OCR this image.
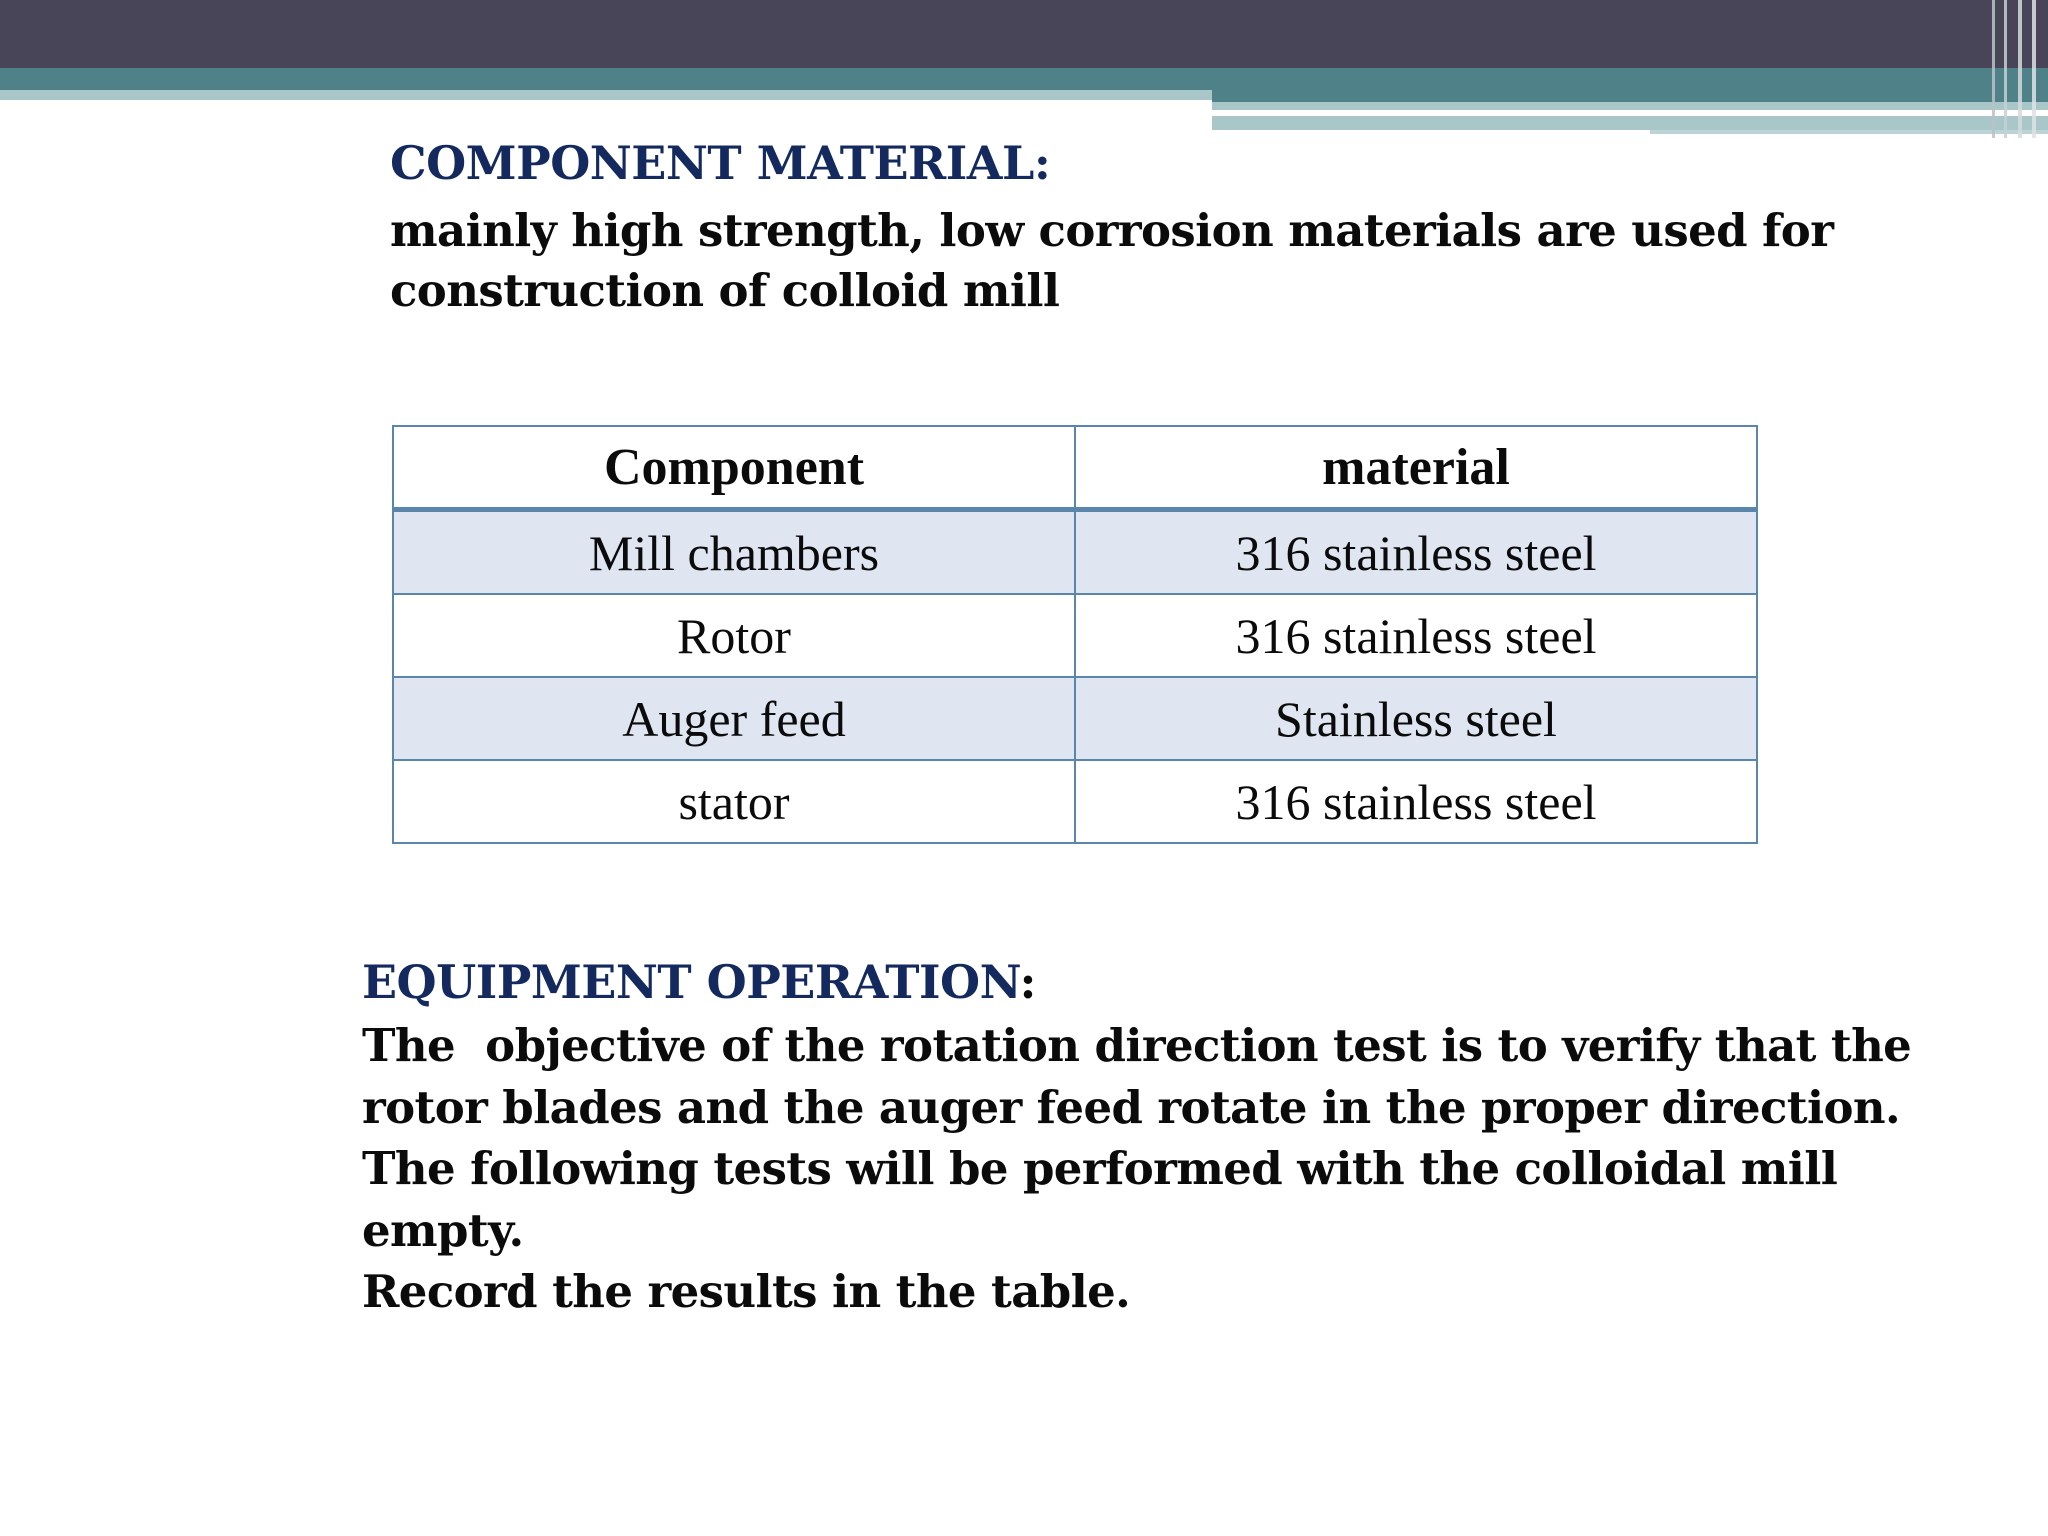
COMPONENT MATERIAL:
mainly high strength, low corrosion materials are used for
construction of colloid mill
Component	material
Mill chambers	316 stainless steel
Rotor	316 stainless steel
Auger feed	Stainless steel
stator	316 stainless steel
EQUIPMENT OPERATION:
The  objective of the rotation direction test is to verify that the
rotor blades and the auger feed rotate in the proper direction.
The following tests will be performed with the colloidal mill
empty.
Record the results in the table.
